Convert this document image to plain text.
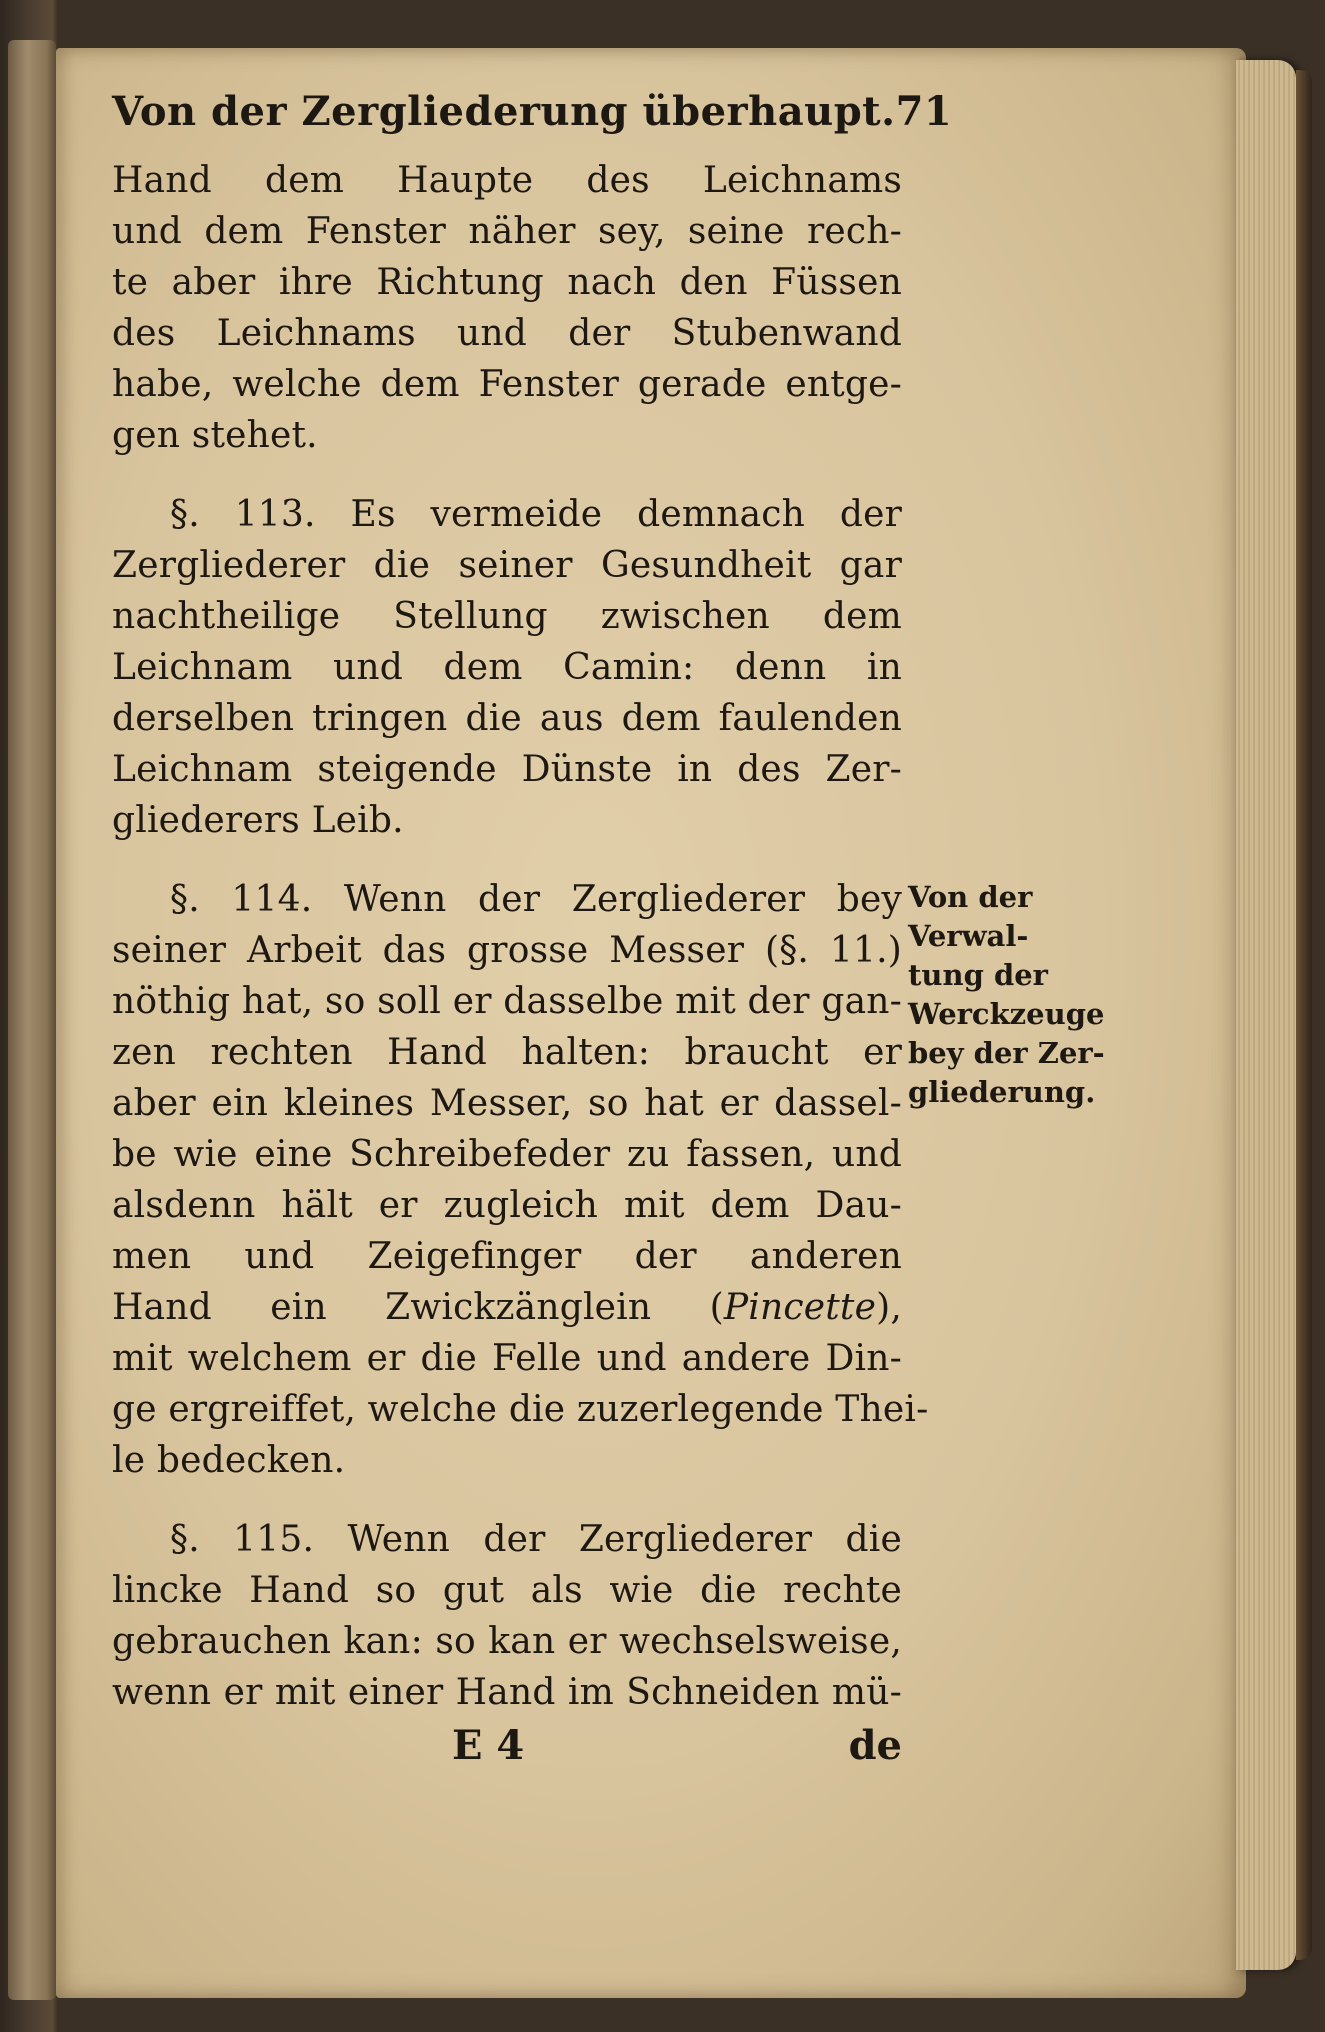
Von der Zergliederung überhaupt. 71
Hand dem Haupte des Leichnams
und dem Fenster näher sey, seine rech-
te aber ihre Richtung nach den Füssen
des Leichnams und der Stubenwand
habe, welche dem Fenster gerade entge-
gen stehet.
§. 113. Es vermeide demnach der
Zergliederer die seiner Gesundheit gar
nachtheilige Stellung zwischen dem
Leichnam und dem Camin: denn in
derselben tringen die aus dem faulenden
Leichnam steigende Dünste in des Zer-
gliederers Leib.
§. 114. Wenn der Zergliederer bey
seiner Arbeit das grosse Messer (§. 11.)
nöthig hat, so soll er dasselbe mit der gan-
zen rechten Hand halten: braucht er
aber ein kleines Messer, so hat er dassel-
be wie eine Schreibefeder zu fassen, und
alsdenn hält er zugleich mit dem Dau-
men und Zeigefinger der anderen
Hand ein Zwickzänglein (Pincette),
mit welchem er die Felle und andere Din-
ge ergreiffet, welche die zuzerlegende Thei-
le bedecken.
§. 115. Wenn der Zergliederer die
lincke Hand so gut als wie die rechte
gebrauchen kan: so kan er wechselsweise,
wenn er mit einer Hand im Schneiden mü-
E 4	de
Von der
Verwal-
tung der
Werckzeuge
bey der Zer-
gliederung.
